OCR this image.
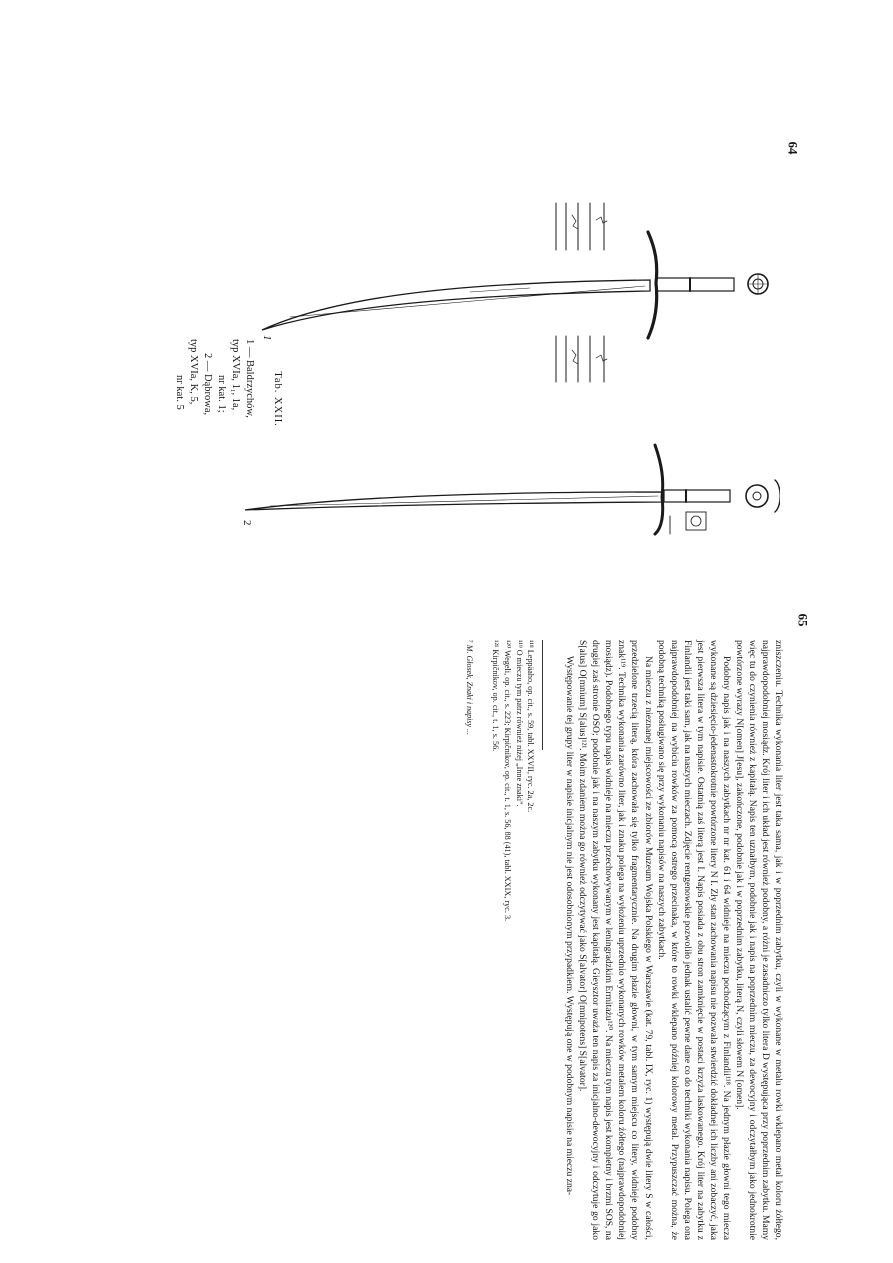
64
Tab. XXII.
1 — Baldrzychów,
typ XVIa, 1₁, 1a,
nr kat. 1;
2 — Dąbrowa,
typ XVIa, K, 5,
nr kat. 5
1
2
65

zniszczeniu. Technika wykonania liter jest taka sama, jak i w poprzednim zabytku, czyli w wykonane w metalu rowki wklepano metal koloru żółtego, najprawdopodobniej mosiądz. Krój liter i ich układ jest również podobny, a różni je zasadniczo tylko litera D występująca przy poprzednim zabytku. Mamy więc tu do czynienia również z kapitałą. Napis ten uznałbym, podobnie jak i napis na poprzednim mieczu, za dewocyjny i odczytałbym jako jednokrotnie powtórzone wyrazy N[omen] J[esu], zakończone, podobnie jak i w poprzednim zabytku, literą N, czyli słowem N [omen].

Podobny napis jak i na naszych zabytkach nr nr kat. 61 i 64 widnieje na mieczu pochodzącym z Finlandii¹¹⁸. Na jednym płazie głowni tego miecza wykonane są dziesięcio-jedenastokrotnie powtórzone litery N I. Zły stan zachowania napisu nie pozwala stwierdzić dokładnej ich liczby ani zobaczyć, jaka jest pierwsza litera w tym napisie. Ostatnią zaś literą jest I. Napis posiada z obu stron zamknięcie w postaci krzyża laskowanego. Krój liter na zabytku z Finlandii jest taki sam, jak na naszych mieczach. Zdjęcie rentgenowskie pozwoliło jednak ustalić pewne dane co do techniki wykonania napisu. Polega ona najprawdopodobniej na wybiciu rowków za pomocą ostrego przecinaka, w które to rowki wklepano później kolorowy metal. Przypuszczać można, że podobną techniką posługiwano się przy wykonaniu napisów na naszych zabytkach.

Na mieczu z nieznanej miejscowości ze zbiorów Muzeum Wojska Polskiego w Warszawie (kat. 79, tabl. IX, ryc. 1) występują dwie litery S w całości, przedzielone trzecią literą, która zachowała się tylko fragmentarycznie. Na drugim płazie głowni, w tym samym miejscu co litery, widnieje podobny znak¹¹⁹. Technika wykonania zarówno liter, jak i znaku polega na wyłożeniu uprzednio wykonanych rowków metalem koloru żółtego (najprawdopodobniej mosiądz). Podobnego typu napis widnieje na mieczu przechowywanym w leningradzkim Ermitażu¹²⁰. Na mieczu tym napis jest kompletny i brzmi SOS, na drugiej zaś stronie OSO; podobnie jak i na naszym zabytku wykonany jest kapitałą. Gieysztor uważa ten napis za inicjalno-dewocyjny i odczytuje go jako S[alus] O[mnium] S[alus]¹²¹. Moim zdaniem można go również odczytywać jako S[alvator] O[mnipotens] S[alvator].

Występowanie tej grupy liter w napisie inicjalnym nie jest odosobnionym przypadkiem. Występują one w podobnym napisie na mieczu zna-

¹¹⁸ Leppäaho, op. cit., s. 59, tabl. XXVII, ryc. 2a, 2c.
¹¹⁹ O mieczu tym patrz również niżej „Inne znaki”.
¹²⁰ Wegeli, op. cit., s. 223; Kirpičnikov, op. cit., t. 1, s. 56, 88 (41), tabl. XXIX, ryc. 3.
¹²¹ Kirpičnikov, op. cit., t. 1, s. 56.
⁷ M. Głosek, Znaki i napisy ...
